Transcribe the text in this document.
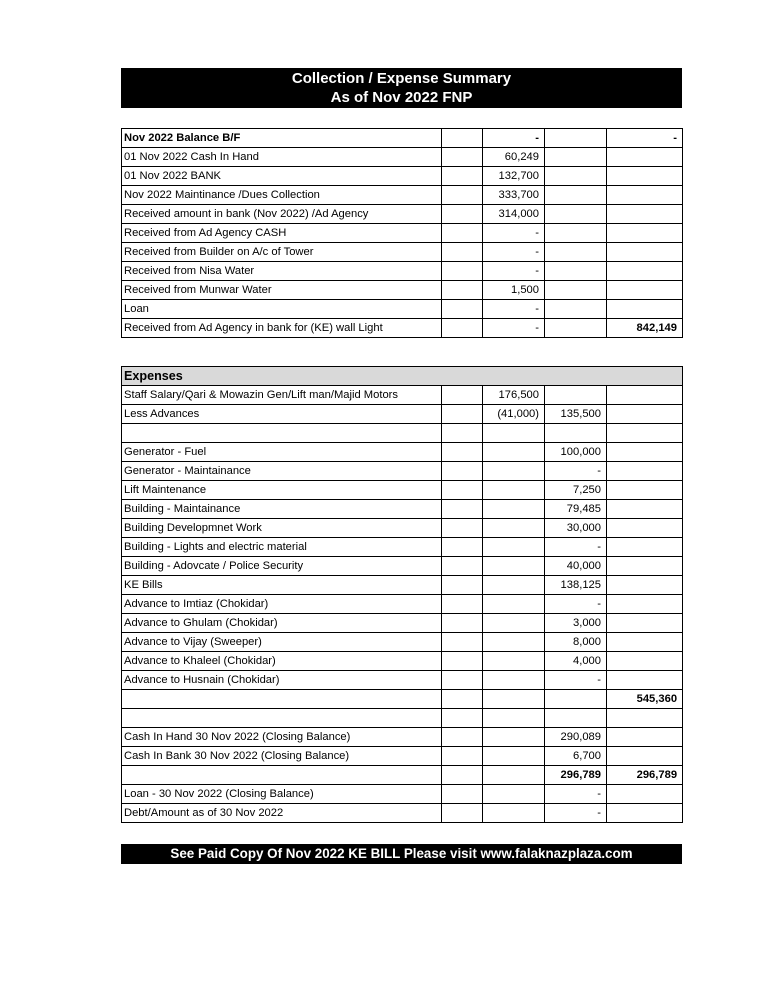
Collection / Expense Summary
As of Nov 2022 FNP
Nov 2022 Balance B/F		-		-
01 Nov 2022 Cash In Hand		60,249		
01 Nov 2022 BANK		132,700		
Nov 2022 Maintinance /Dues Collection		333,700		
Received amount in bank (Nov 2022) /Ad Agency		314,000		
Received from Ad Agency CASH		-		
Received from Builder on A/c of Tower		-		
Received from Nisa Water		-		
Received from Munwar Water		1,500		
Loan		-		
Received from Ad Agency in bank for (KE) wall Light		-		842,149
Expenses				
Staff Salary/Qari & Mowazin Gen/Lift man/Majid Motors		176,500		
Less Advances		(41,000)	135,500	

Generator - Fuel			100,000	
Generator - Maintainance			-	
Lift Maintenance			7,250	
Building - Maintainance			79,485	
Building Developmnet Work			30,000	
Building - Lights and electric material			-	
Building - Adovcate / Police Security			40,000	
KE Bills			138,125	
Advance to Imtiaz (Chokidar)			-	
Advance to Ghulam (Chokidar)			3,000	
Advance to Vijay (Sweeper)			8,000	
Advance to Khaleel (Chokidar)			4,000	
Advance to Husnain (Chokidar)			-	
				545,360

Cash In Hand 30 Nov 2022 (Closing Balance)			290,089	
Cash In Bank 30 Nov 2022 (Closing Balance)			6,700	
			296,789	296,789
Loan - 30 Nov 2022 (Closing Balance)			-	
Debt/Amount as of 30 Nov 2022			-	
See Paid Copy Of Nov 2022 KE BILL Please visit www.falaknazplaza.com
